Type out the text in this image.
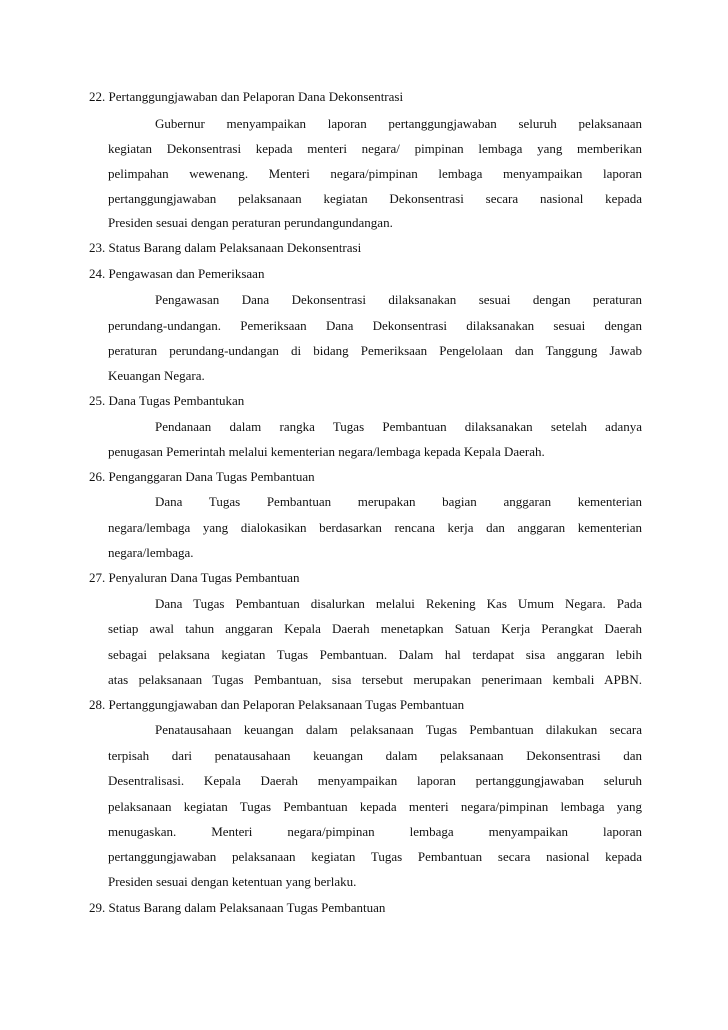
22. Pertanggungjawaban dan Pelaporan Dana Dekonsentrasi
Gubernur menyampaikan laporan pertanggungjawaban seluruh pelaksanaan
kegiatan Dekonsentrasi kepada menteri negara/ pimpinan lembaga yang memberikan
pelimpahan wewenang. Menteri negara/pimpinan lembaga menyampaikan laporan
pertanggungjawaban pelaksanaan kegiatan Dekonsentrasi secara nasional kepada
Presiden sesuai dengan peraturan perundangundangan.
23. Status Barang dalam Pelaksanaan Dekonsentrasi
24. Pengawasan dan Pemeriksaan
Pengawasan Dana Dekonsentrasi dilaksanakan sesuai dengan peraturan
perundang-undangan. Pemeriksaan Dana Dekonsentrasi dilaksanakan sesuai dengan
peraturan perundang-undangan di bidang Pemeriksaan Pengelolaan dan Tanggung Jawab
Keuangan Negara.
25. Dana Tugas Pembantukan
Pendanaan dalam rangka Tugas Pembantuan dilaksanakan setelah adanya
penugasan Pemerintah melalui kementerian negara/lembaga kepada Kepala Daerah.
26. Penganggaran Dana Tugas Pembantuan
Dana Tugas Pembantuan merupakan bagian anggaran kementerian
negara/lembaga yang dialokasikan berdasarkan rencana kerja dan anggaran kementerian
negara/lembaga.
27. Penyaluran Dana Tugas Pembantuan
Dana Tugas Pembantuan disalurkan melalui Rekening Kas Umum Negara. Pada
setiap awal tahun anggaran Kepala Daerah menetapkan Satuan Kerja Perangkat Daerah
sebagai pelaksana kegiatan Tugas Pembantuan. Dalam hal terdapat sisa anggaran lebih
atas pelaksanaan Tugas Pembantuan, sisa tersebut merupakan penerimaan kembali APBN.
28. Pertanggungjawaban dan Pelaporan Pelaksanaan Tugas Pembantuan
Penatausahaan keuangan dalam pelaksanaan Tugas Pembantuan dilakukan secara
terpisah dari penatausahaan keuangan dalam pelaksanaan Dekonsentrasi dan
Desentralisasi. Kepala Daerah menyampaikan laporan pertanggungjawaban seluruh
pelaksanaan kegiatan Tugas Pembantuan kepada menteri negara/pimpinan lembaga yang
menugaskan. Menteri negara/pimpinan lembaga menyampaikan laporan
pertanggungjawaban pelaksanaan kegiatan Tugas Pembantuan secara nasional kepada
Presiden sesuai dengan ketentuan yang berlaku.
29. Status Barang dalam Pelaksanaan Tugas Pembantuan
